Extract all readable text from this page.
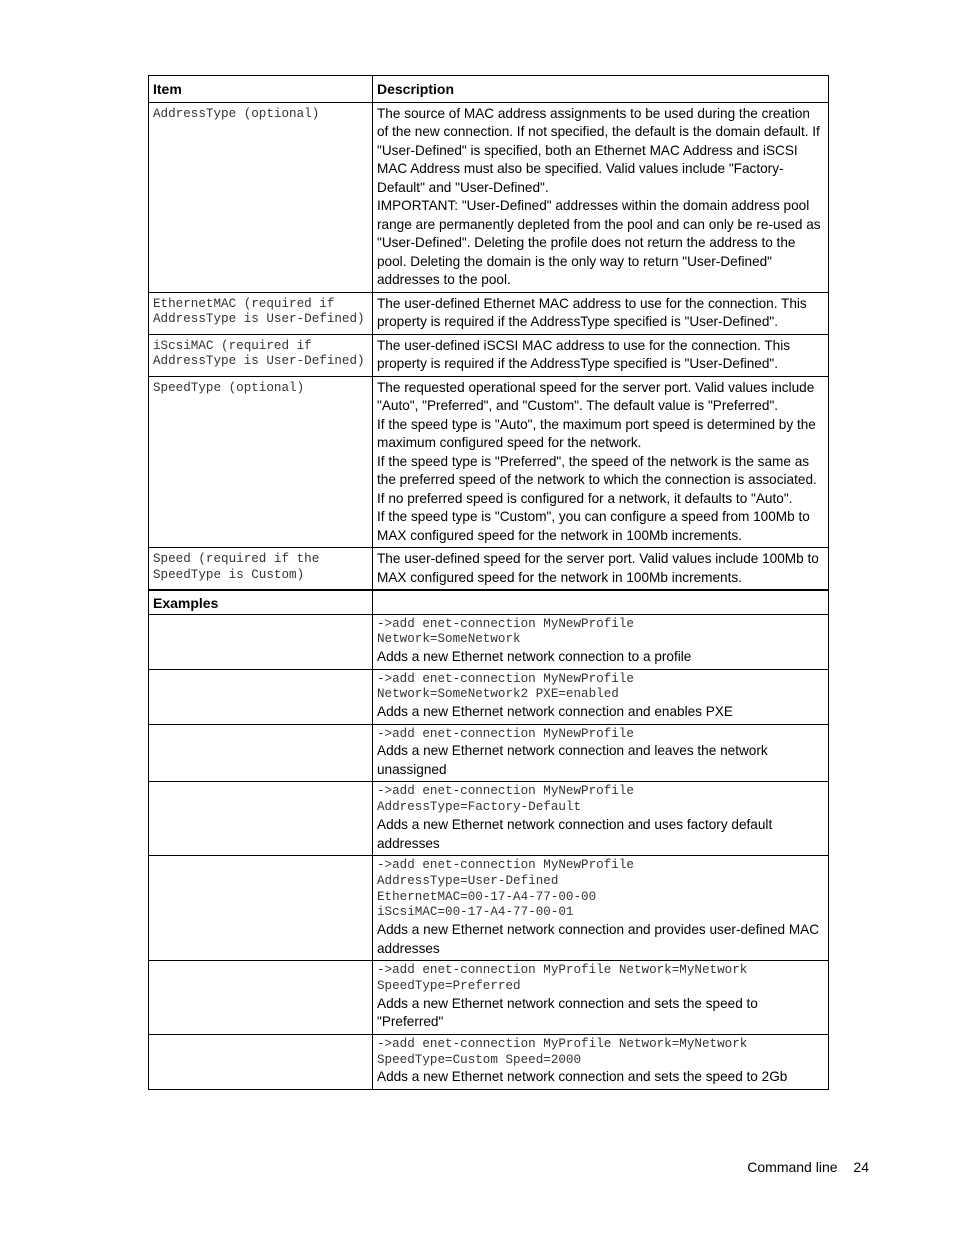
Item	Description

AddressType (optional)	The source of MAC address assignments to be used during the creation of the new connection. If not specified, the default is the domain default. If "User-Defined" is specified, both an Ethernet MAC Address and iSCSI MAC Address must also be specified. Valid values include "Factory-Default" and "User-Defined".

IMPORTANT: "User-Defined" addresses within the domain address pool range are permanently depleted from the pool and can only be re-used as "User-Defined". Deleting the profile does not return the address to the pool. Deleting the domain is the only way to return "User-Defined" addresses to the pool.

EthernetMAC (required if AddressType is User-Defined)	The user-defined Ethernet MAC address to use for the connection. This property is required if the AddressType specified is "User-Defined".

iScsiMAC (required if AddressType is User-Defined)	The user-defined iSCSI MAC address to use for the connection. This property is required if the AddressType specified is "User-Defined".

SpeedType (optional)	The requested operational speed for the server port. Valid values include "Auto", "Preferred", and "Custom". The default value is "Preferred".

If the speed type is "Auto", the maximum port speed is determined by the maximum configured speed for the network.

If the speed type is "Preferred", the speed of the network is the same as the preferred speed of the network to which the connection is associated. If no preferred speed is configured for a network, it defaults to "Auto".

If the speed type is "Custom", you can configure a speed from 100Mb to MAX configured speed for the network in 100Mb increments.

Speed (required if the SpeedType is Custom)	The user-defined speed for the server port. Valid values include 100Mb to MAX configured speed for the network in 100Mb increments.

Examples	

	->add enet-connection MyNewProfile
Network=SomeNetwork
Adds a new Ethernet network connection to a profile

	->add enet-connection MyNewProfile
Network=SomeNetwork2 PXE=enabled
Adds a new Ethernet network connection and enables PXE

	->add enet-connection MyNewProfile
Adds a new Ethernet network connection and leaves the network unassigned

	->add enet-connection MyNewProfile
AddressType=Factory-Default
Adds a new Ethernet network connection and uses factory default addresses

	->add enet-connection MyNewProfile
AddressType=User-Defined
EthernetMAC=00-17-A4-77-00-00
iScsiMAC=00-17-A4-77-00-01
Adds a new Ethernet network connection and provides user-defined MAC addresses

	->add enet-connection MyProfile Network=MyNetwork
SpeedType=Preferred
Adds a new Ethernet network connection and sets the speed to "Preferred"

	->add enet-connection MyProfile Network=MyNetwork
SpeedType=Custom Speed=2000
Adds a new Ethernet network connection and sets the speed to 2Gb
Command line 24
